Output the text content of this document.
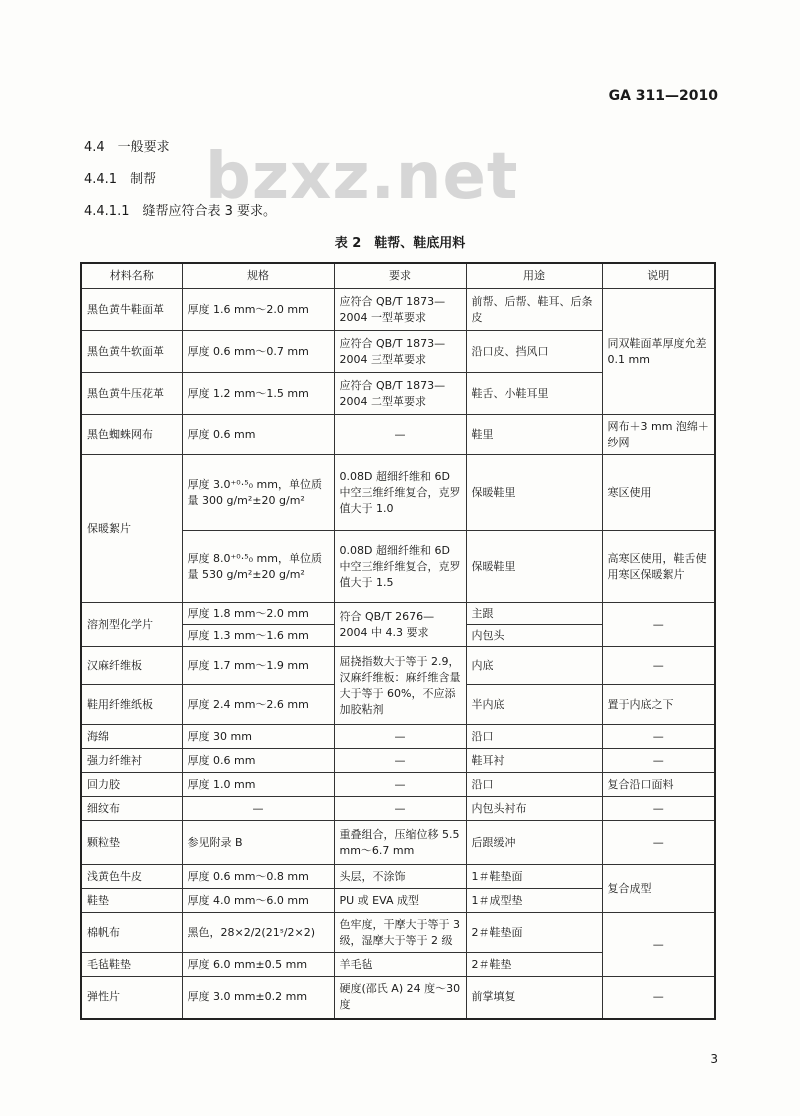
GA 311—2010
4.4　一般要求
4.4.1　制帮
4.4.1.1　缝帮应符合表 3 要求。
bzxz.net
表 2　鞋帮、鞋底用料
材料名称	规格	要求	用途	说明
黑色黄牛鞋面革	厚度 1.6 mm～2.0 mm	应符合 QB/T 1873—2004 一型革要求	前帮、后帮、鞋耳、后条皮	同双鞋面革厚度允差 0.1 mm
黑色黄牛软面革	厚度 0.6 mm～0.7 mm	应符合 QB/T 1873—2004 三型革要求	沿口皮、挡风口	
黑色黄牛压花革	厚度 1.2 mm～1.5 mm	应符合 QB/T 1873—2004 二型革要求	鞋舌、小鞋耳里	
黑色蜘蛛网布	厚度 0.6 mm	—	鞋里	网布＋3 mm 泡绵＋纱网
保暖絮片	厚度 3.0⁺⁰·⁵₀ mm，单位质量 300 g/m²±20 g/m²	0.08D 超细纤维和 6D 中空三维纤维复合，克罗值大于 1.0	保暖鞋里	寒区使用
	厚度 8.0⁺⁰·⁵₀ mm，单位质量 530 g/m²±20 g/m²	0.08D 超细纤维和 6D 中空三维纤维复合，克罗值大于 1.5	保暖鞋里	高寒区使用，鞋舌使用寒区保暖絮片
溶剂型化学片	厚度 1.8 mm～2.0 mm	符合 QB/T 2676—2004 中 4.3 要求	主跟	—
	厚度 1.3 mm～1.6 mm		内包头	
汉麻纤维板	厚度 1.7 mm～1.9 mm	屈挠指数大于等于 2.9，汉麻纤维板：麻纤维含量大于等于 60%，不应添加胶粘剂	内底	—
鞋用纤维纸板	厚度 2.4 mm～2.6 mm		半内底	置于内底之下
海绵	厚度 30 mm	—	沿口	—
强力纤维衬	厚度 0.6 mm	—	鞋耳衬	—
回力胶	厚度 1.0 mm	—	沿口	复合沿口面料
细纹布	—	—	内包头衬布	—
颗粒垫	参见附录 B	重叠组合，压缩位移 5.5 mm～6.7 mm	后跟缓冲	—
浅黄色牛皮	厚度 0.6 mm～0.8 mm	头层，不涂饰	1＃鞋垫面	复合成型
鞋垫	厚度 4.0 mm～6.0 mm	PU 或 EVA 成型	1＃成型垫	
棉帆布	黑色，28×2/2(21ˢ/2×2)	色牢度，干摩大于等于 3 级，湿摩大于等于 2 级	2＃鞋垫面	—
毛毡鞋垫	厚度 6.0 mm±0.5 mm	羊毛毡	2＃鞋垫	
弹性片	厚度 3.0 mm±0.2 mm	硬度(邵氏 A) 24 度～30 度	前掌填复	—
3
